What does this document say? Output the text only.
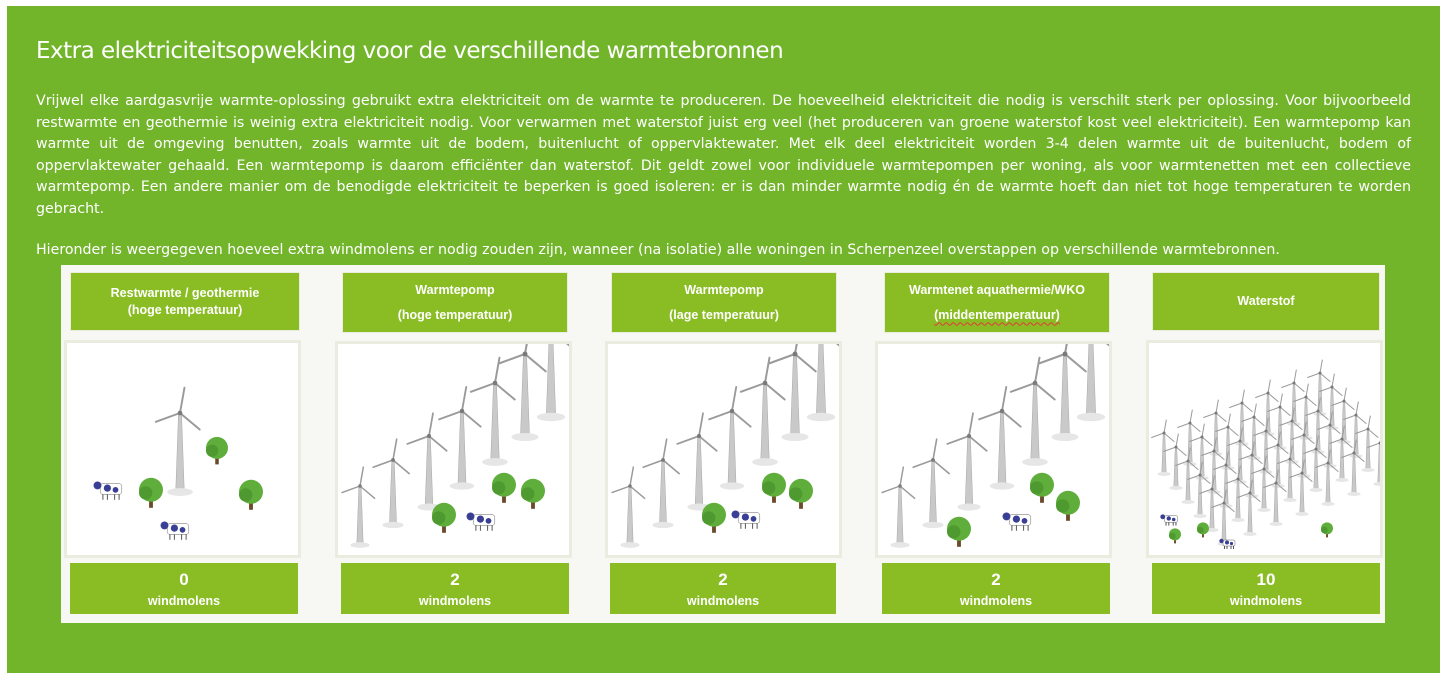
Extra elektriciteitsopwekking voor de verschillende warmtebronnen

Vrijwel elke aardgasvrije warmte-oplossing gebruikt extra elektriciteit om de warmte te produceren. De hoeveelheid elektriciteit die nodig is verschilt sterk per oplossing. Voor bijvoorbeeld restwarmte en geothermie is weinig extra elektriciteit nodig. Voor verwarmen met waterstof juist erg veel (het produceren van groene waterstof kost veel elektriciteit). Een warmtepomp kan warmte uit de omgeving benutten, zoals warmte uit de bodem, buitenlucht of oppervlaktewater. Met elk deel elektriciteit worden 3-4 delen warmte uit de buitenlucht, bodem of oppervlaktewater gehaald. Een warmtepomp is daarom efficiënter dan waterstof. Dit geldt zowel voor individuele warmtepompen per woning, als voor warmtenetten met een collectieve warmtepomp. Een andere manier om de benodigde elektriciteit te beperken is goed isoleren: er is dan minder warmte nodig én de warmte hoeft dan niet tot hoge temperaturen te worden gebracht.

Hieronder is weergegeven hoeveel extra windmolens er nodig zouden zijn, wanneer (na isolatie) alle woningen in Scherpenzeel overstappen op verschillende warmtebronnen.

Restwarmte / geothermie
(hoge temperatuur)
0
windmolens
Warmtepomp
(hoge temperatuur)
2
windmolens
Warmtepomp
(lage temperatuur)
2
windmolens
Warmtenet aquathermie/WKO
(middentemperatuur)
2
windmolens
Waterstof
10
windmolens
